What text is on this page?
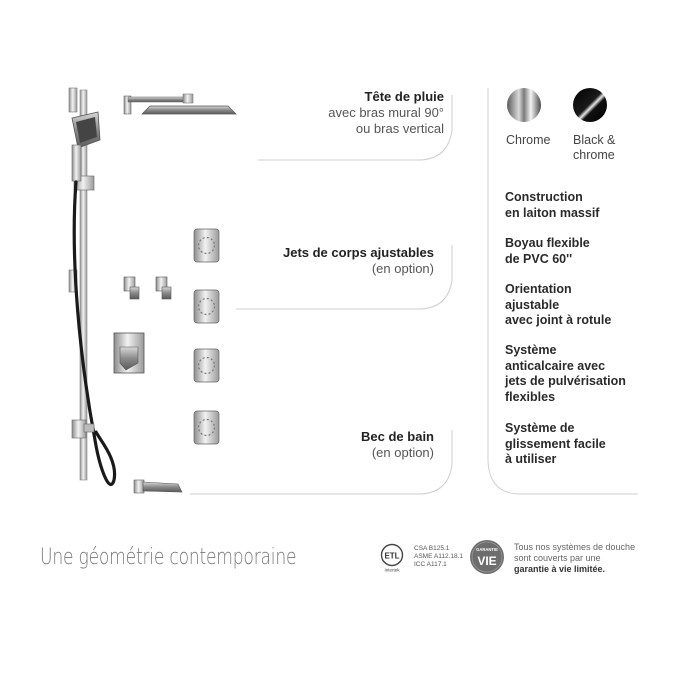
Tête de pluie
avec bras mural 90°
ou bras vertical
Jets de corps ajustables
(en option)
Bec de bain
(en option)
Chrome Black &
chrome
Construction
en laiton massif
Boyau flexible
de PVC 60''
Orientation
ajustable
avec joint à rotule
Système
anticalcaire avec
jets de pulvérisation
flexibles
Système de
glissement facile
à utiliser
Une géométrie contemporaine	ETL
Intertek
CSA B125.1
ASME A112.18.1
ICC A117.1
GARANTIE
VIE
Tous nos systèmes de douche
sont couverts par une
garantie à vie limitée.
